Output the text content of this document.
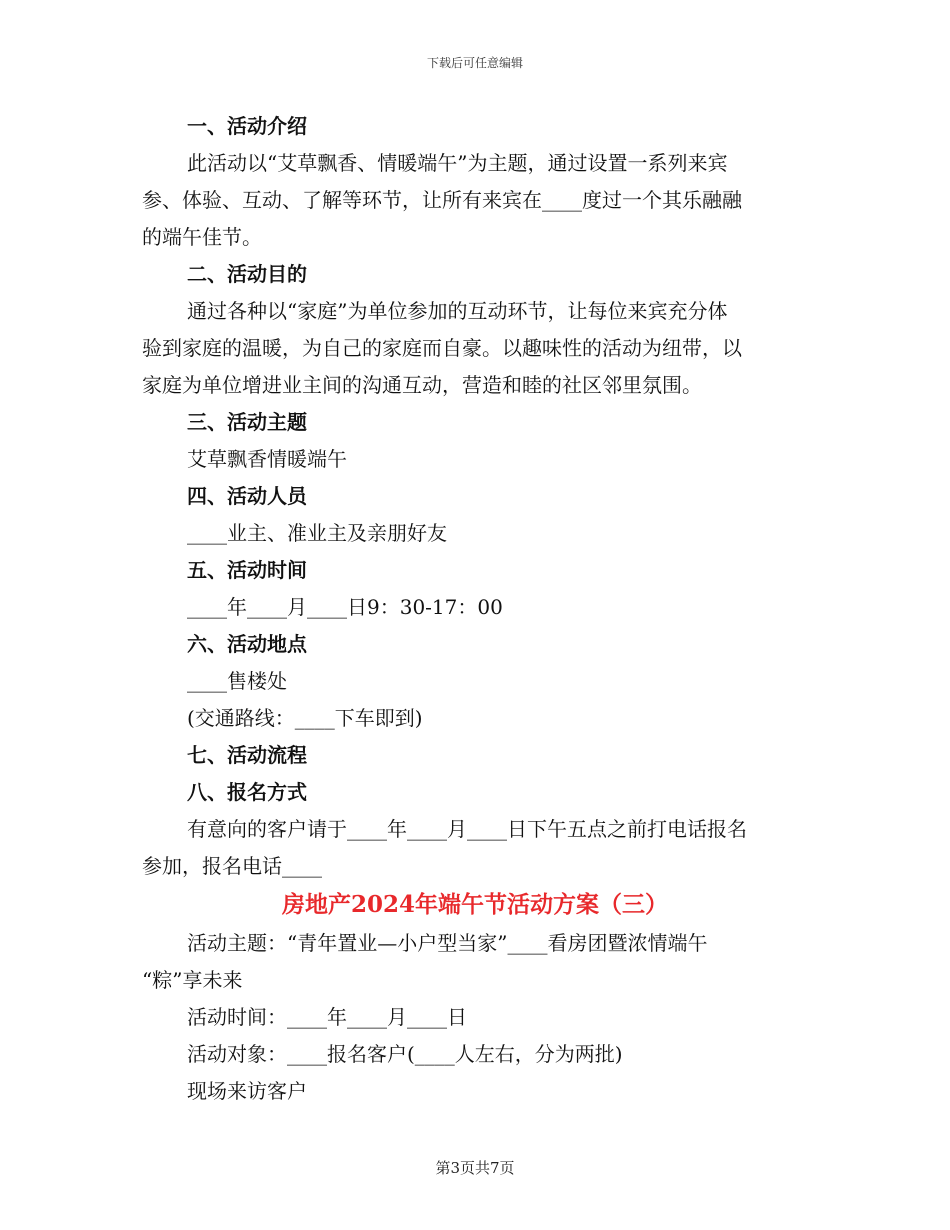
下载后可任意编辑
一、活动介绍
此活动以“艾草飘香、情暖端午”为主题，通过设置一系列来宾
参、体验、互动、了解等环节，让所有来宾在____度过一个其乐融融
的端午佳节。
二、活动目的
通过各种以“家庭”为单位参加的互动环节，让每位来宾充分体
验到家庭的温暖，为自己的家庭而自豪。以趣味性的活动为纽带，以
家庭为单位增进业主间的沟通互动，营造和睦的社区邻里氛围。
三、活动主题
艾草飘香情暖端午
四、活动人员
____业主、准业主及亲朋好友
五、活动时间
____年____月____日9：30-17：00
六、活动地点
____售楼处
(交通路线：____下车即到)
七、活动流程
八、报名方式
有意向的客户请于____年____月____日下午五点之前打电话报名
参加，报名电话____
房地产2024年端午节活动方案（三）
活动主题：“青年置业—小户型当家”____看房团暨浓情端午
“粽”享未来
活动时间：____年____月____日
活动对象：____报名客户(____人左右，分为两批)
现场来访客户
第3页共7页
